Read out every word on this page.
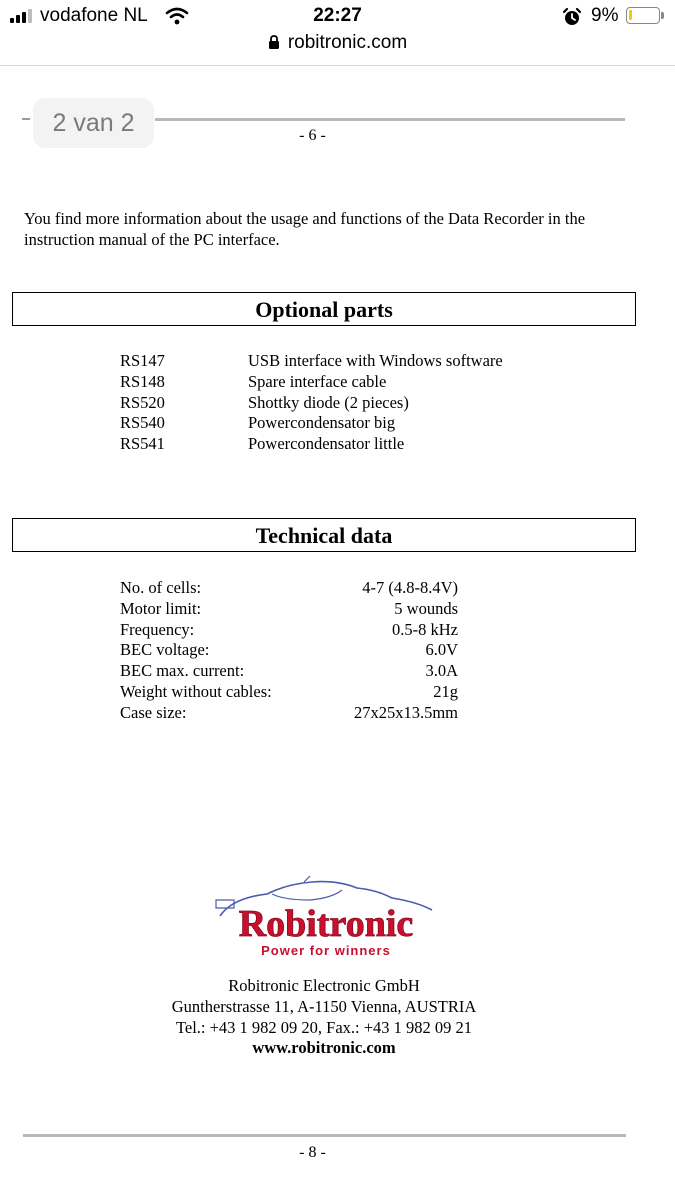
vodafone NL	22:27	9%
robitronic.com
2 van 2	- 6 -
You find more information about the usage and functions of the Data Recorder in the instruction manual of the PC interface.
Optional parts
RS147	USB interface with Windows software
RS148	Spare interface cable
RS520	Shottky diode (2 pieces)
RS540	Powercondensator big
RS541	Powercondensator little
Technical data
No. of cells:	4-7 (4.8-8.4V)
Motor limit:	5 wounds
Frequency:	0.5-8 kHz
BEC voltage:	6.0V
BEC max. current:	3.0A
Weight without cables:	21g
Case size:	27x25x13.5mm
Robitronic
Power for winners
Robitronic Electronic GmbH
Guntherstrasse 11, A-1150 Vienna, AUSTRIA
Tel.: +43 1 982 09 20, Fax.: +43 1 982 09 21
www.robitronic.com
- 8 -
